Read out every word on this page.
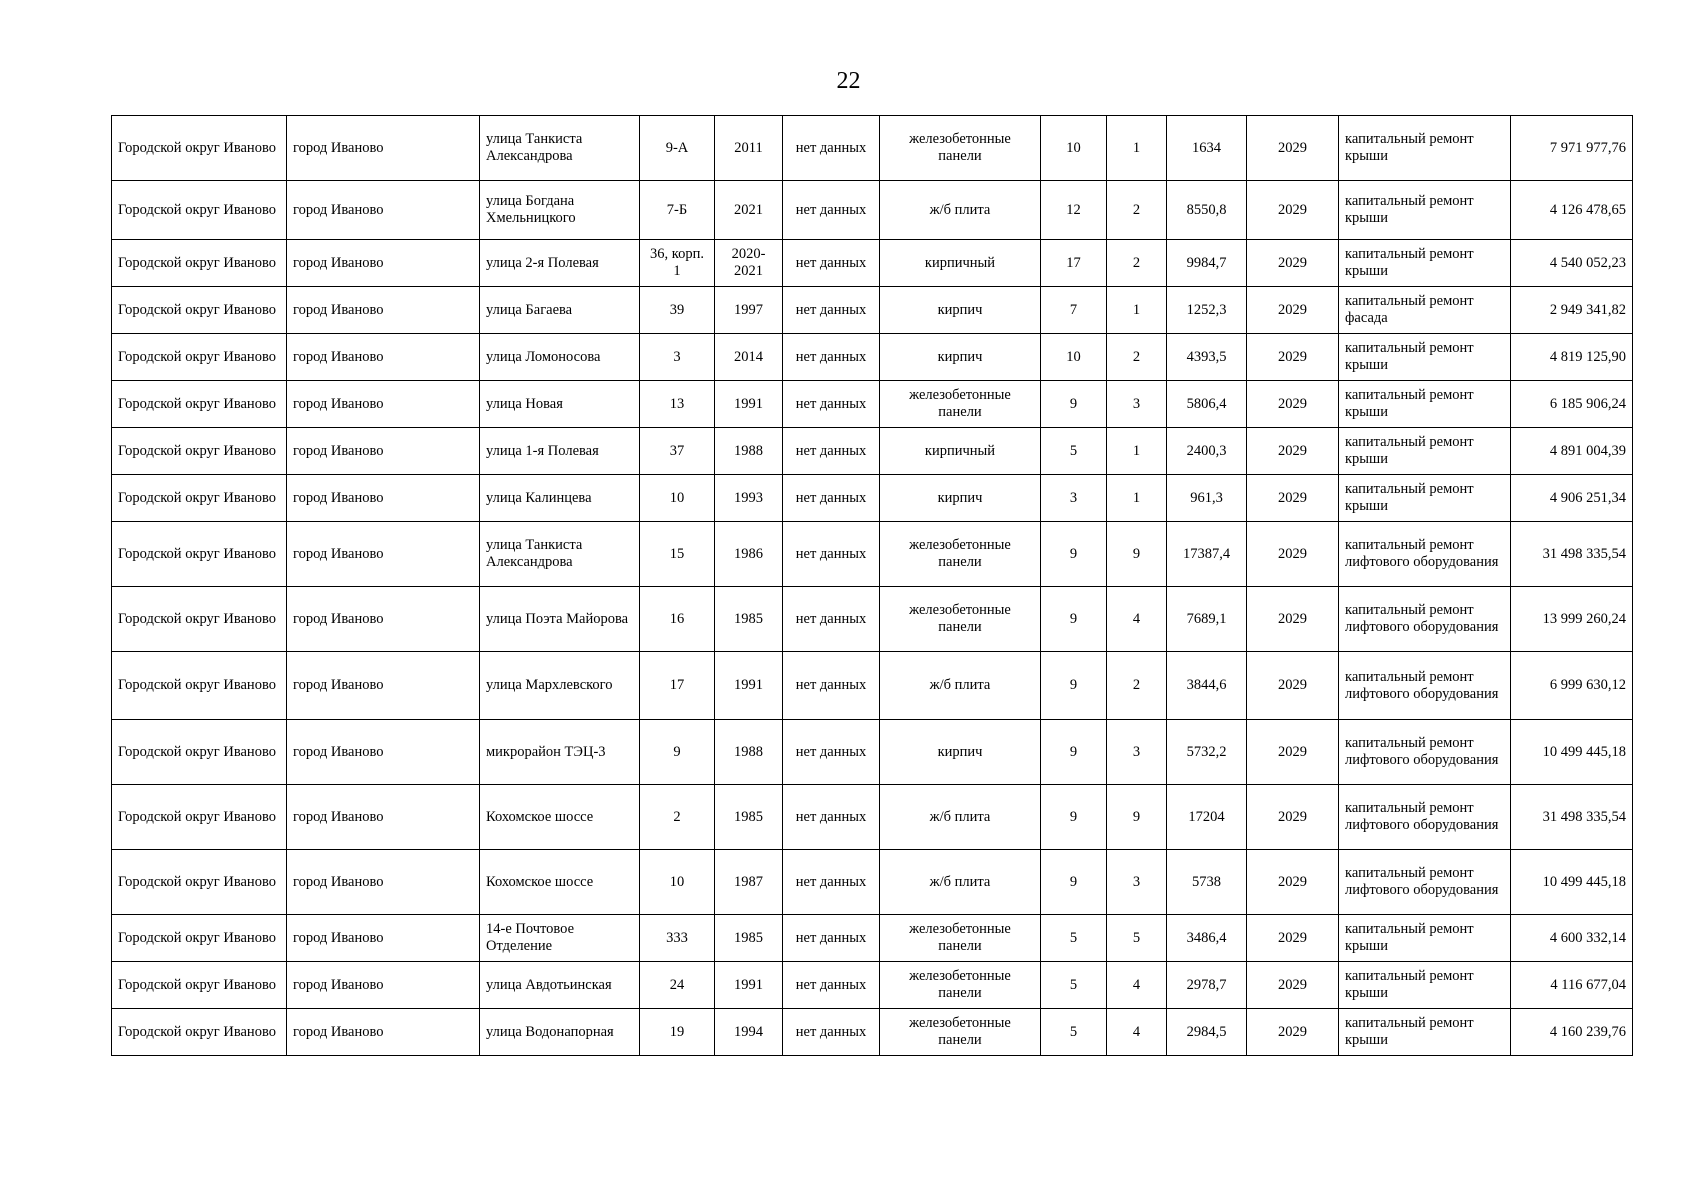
22
Городской округ Иваново	город Иваново	улица Танкиста Александрова	9-А	2011	нет данных	железобетонные панели	10	1	1634	2029	капитальный ремонт крыши	7 971 977,76
Городской округ Иваново	город Иваново	улица Богдана Хмельницкого	7-Б	2021	нет данных	ж/б плита	12	2	8550,8	2029	капитальный ремонт крыши	4 126 478,65
Городской округ Иваново	город Иваново	улица 2-я Полевая	36, корп. 1	2020-2021	нет данных	кирпичный	17	2	9984,7	2029	капитальный ремонт крыши	4 540 052,23
Городской округ Иваново	город Иваново	улица Багаева	39	1997	нет данных	кирпич	7	1	1252,3	2029	капитальный ремонт фасада	2 949 341,82
Городской округ Иваново	город Иваново	улица Ломоносова	3	2014	нет данных	кирпич	10	2	4393,5	2029	капитальный ремонт крыши	4 819 125,90
Городской округ Иваново	город Иваново	улица Новая	13	1991	нет данных	железобетонные панели	9	3	5806,4	2029	капитальный ремонт крыши	6 185 906,24
Городской округ Иваново	город Иваново	улица 1-я Полевая	37	1988	нет данных	кирпичный	5	1	2400,3	2029	капитальный ремонт крыши	4 891 004,39
Городской округ Иваново	город Иваново	улица Калинцева	10	1993	нет данных	кирпич	3	1	961,3	2029	капитальный ремонт крыши	4 906 251,34
Городской округ Иваново	город Иваново	улица Танкиста Александрова	15	1986	нет данных	железобетонные панели	9	9	17387,4	2029	капитальный ремонт лифтового оборудования	31 498 335,54
Городской округ Иваново	город Иваново	улица Поэта Майорова	16	1985	нет данных	железобетонные панели	9	4	7689,1	2029	капитальный ремонт лифтового оборудования	13 999 260,24
Городской округ Иваново	город Иваново	улица Мархлевского	17	1991	нет данных	ж/б плита	9	2	3844,6	2029	капитальный ремонт лифтового оборудования	6 999 630,12
Городской округ Иваново	город Иваново	микрорайон ТЭЦ-3	9	1988	нет данных	кирпич	9	3	5732,2	2029	капитальный ремонт лифтового оборудования	10 499 445,18
Городской округ Иваново	город Иваново	Кохомское шоссе	2	1985	нет данных	ж/б плита	9	9	17204	2029	капитальный ремонт лифтового оборудования	31 498 335,54
Городской округ Иваново	город Иваново	Кохомское шоссе	10	1987	нет данных	ж/б плита	9	3	5738	2029	капитальный ремонт лифтового оборудования	10 499 445,18
Городской округ Иваново	город Иваново	14-е Почтовое Отделение	333	1985	нет данных	железобетонные панели	5	5	3486,4	2029	капитальный ремонт крыши	4 600 332,14
Городской округ Иваново	город Иваново	улица Авдотьинская	24	1991	нет данных	железобетонные панели	5	4	2978,7	2029	капитальный ремонт крыши	4 116 677,04
Городской округ Иваново	город Иваново	улица Водонапорная	19	1994	нет данных	железобетонные панели	5	4	2984,5	2029	капитальный ремонт крыши	4 160 239,76
